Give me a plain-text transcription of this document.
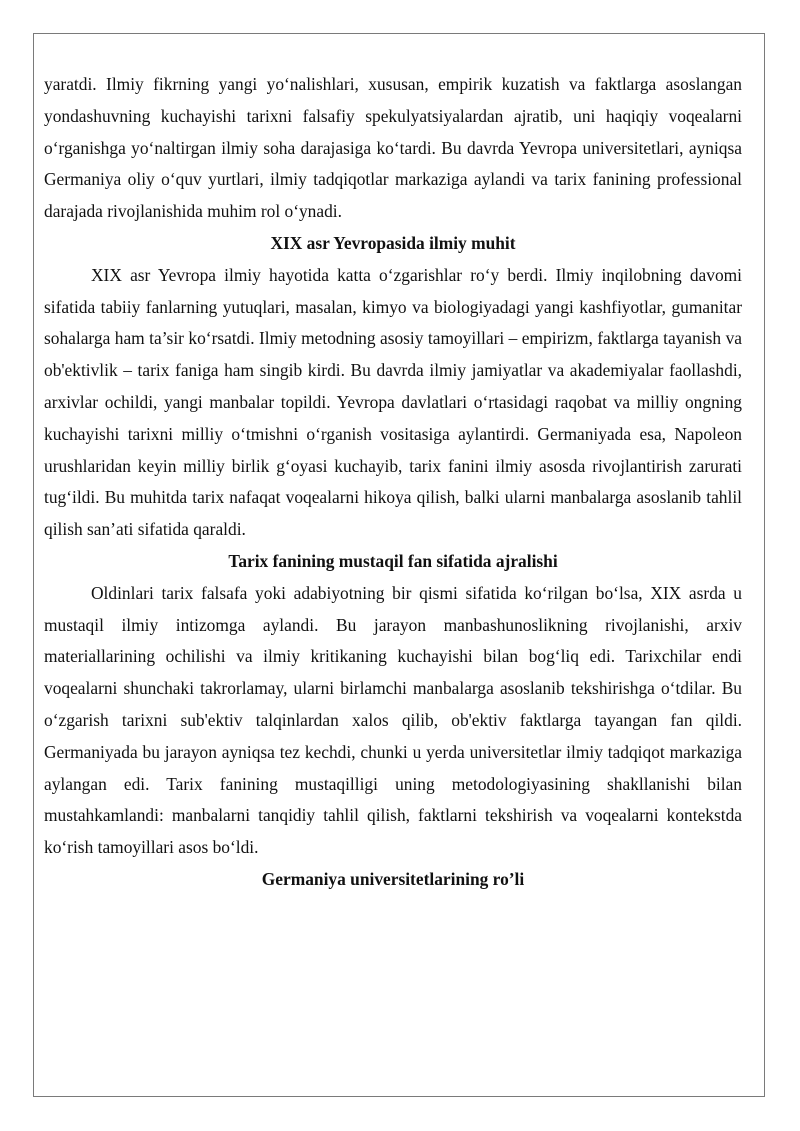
yaratdi. Ilmiy fikrning yangi yo‘nalishlari, xususan, empirik kuzatish va faktlarga asoslangan yondashuvning kuchayishi tarixni falsafiy spekulyatsiyalardan ajratib, uni haqiqiy voqealarni o‘rganishga yo‘naltirgan ilmiy soha darajasiga ko‘tardi. Bu davrda Yevropa universitetlari, ayniqsa Germaniya oliy o‘quv yurtlari, ilmiy tadqiqotlar markaziga aylandi va tarix fanining professional darajada rivojlanishida muhim rol o‘ynadi.

XIX asr Yevropasida ilmiy muhit

XIX asr Yevropa ilmiy hayotida katta o‘zgarishlar ro‘y berdi. Ilmiy inqilobning davomi sifatida tabiiy fanlarning yutuqlari, masalan, kimyo va biologiyadagi yangi kashfiyotlar, gumanitar sohalarga ham ta’sir ko‘rsatdi. Ilmiy metodning asosiy tamoyillari – empirizm, faktlarga tayanish va ob'ektivlik – tarix faniga ham singib kirdi. Bu davrda ilmiy jamiyatlar va akademiyalar faollashdi, arxivlar ochildi, yangi manbalar topildi. Yevropa davlatlari o‘rtasidagi raqobat va milliy ongning kuchayishi tarixni milliy o‘tmishni o‘rganish vositasiga aylantirdi. Germaniyada esa, Napoleon urushlaridan keyin milliy birlik g‘oyasi kuchayib, tarix fanini ilmiy asosda rivojlantirish zarurati tug‘ildi. Bu muhitda tarix nafaqat voqealarni hikoya qilish, balki ularni manbalarga asoslanib tahlil qilish san’ati sifatida qaraldi.

Tarix fanining mustaqil fan sifatida ajralishi

Oldinlari tarix falsafa yoki adabiyotning bir qismi sifatida ko‘rilgan bo‘lsa, XIX asrda u mustaqil ilmiy intizomga aylandi. Bu jarayon manbashunoslikning rivojlanishi, arxiv materiallarining ochilishi va ilmiy kritikaning kuchayishi bilan bog‘liq edi. Tarixchilar endi voqealarni shunchaki takrorlamay, ularni birlamchi manbalarga asoslanib tekshirishga o‘tdilar. Bu o‘zgarish tarixni sub'ektiv talqinlardan xalos qilib, ob'ektiv faktlarga tayangan fan qildi. Germaniyada bu jarayon ayniqsa tez kechdi, chunki u yerda universitetlar ilmiy tadqiqot markaziga aylangan edi. Tarix fanining mustaqilligi uning metodologiyasining shakllanishi bilan mustahkamlandi: manbalarni tanqidiy tahlil qilish, faktlarni tekshirish va voqealarni kontekstda ko‘rish tamoyillari asos bo‘ldi.

Germaniya universitetlarining ro’li
